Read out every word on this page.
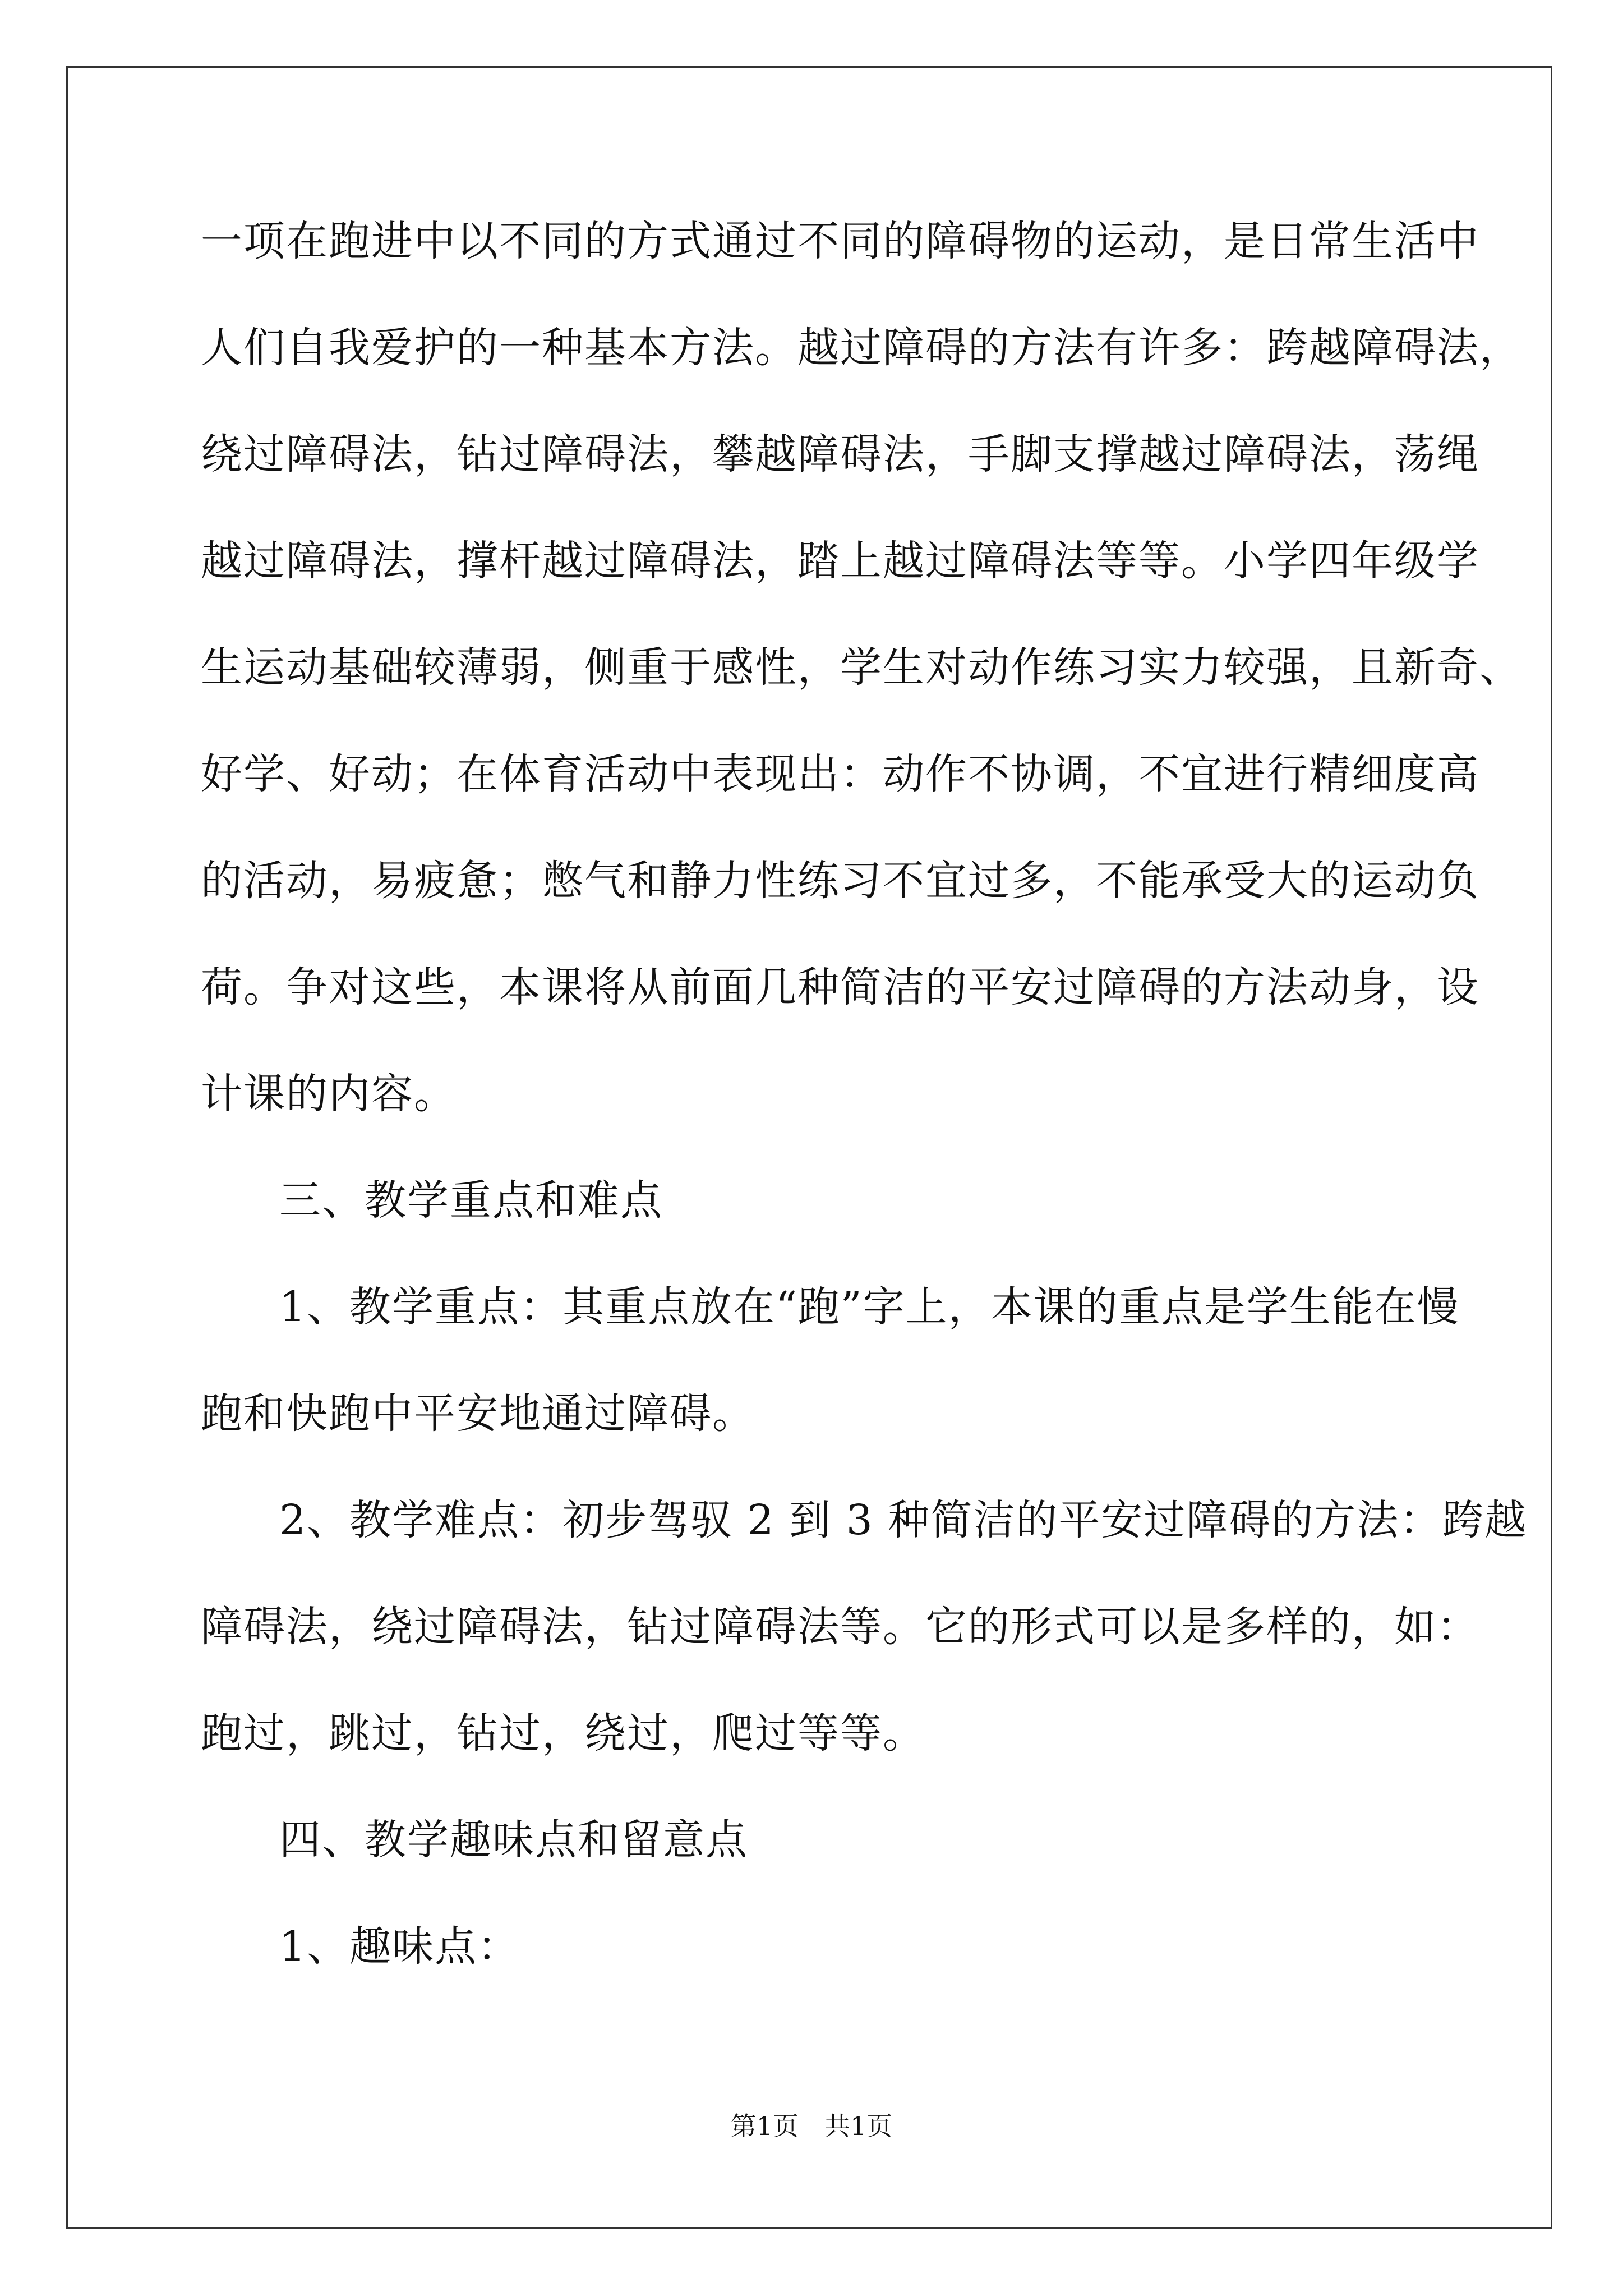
一项在跑进中以不同的方式通过不同的障碍物的运动，是日常生活中
人们自我爱护的一种基本方法。越过障碍的方法有许多：跨越障碍法，
绕过障碍法，钻过障碍法，攀越障碍法，手脚支撑越过障碍法，荡绳
越过障碍法，撑杆越过障碍法，踏上越过障碍法等等。小学四年级学
生运动基础较薄弱，侧重于感性，学生对动作练习实力较强，且新奇、
好学、好动；在体育活动中表现出：动作不协调，不宜进行精细度高
的活动，易疲惫；憋气和静力性练习不宜过多，不能承受大的运动负
荷。争对这些，本课将从前面几种简洁的平安过障碍的方法动身，设
计课的内容。
三、教学重点和难点
1、教学重点：其重点放在“跑”字上，本课的重点是学生能在慢
跑和快跑中平安地通过障碍。
2、教学难点：初步驾驭 2 到 3 种简洁的平安过障碍的方法：跨越
障碍法，绕过障碍法，钻过障碍法等。它的形式可以是多样的，如：
跑过，跳过，钻过，绕过，爬过等等。
四、教学趣味点和留意点
1、趣味点：
第1页 共1页
